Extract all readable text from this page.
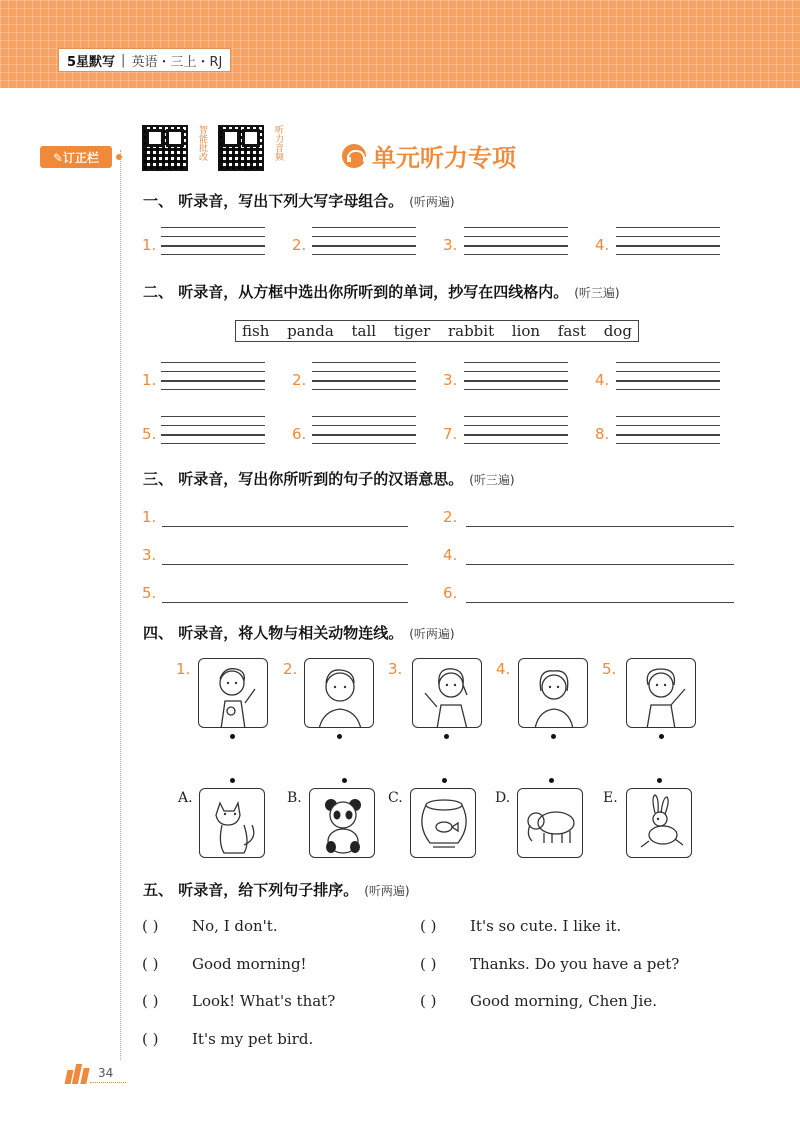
5星默写 | 英语・三上・RJ
✎订正栏	智能批改	听力音频	单元听力专项
一、 听录音，写出下列大写字母组合。 (听两遍)
1.	2.	3.	4.
二、 听录音，从方框中选出你所听到的单词，抄写在四线格内。 (听三遍)
fish panda tall tiger rabbit lion fast dog
1.	2.	3.	4.
5.	6.	7.	8.
三、 听录音，写出你所听到的句子的汉语意思。 (听三遍)
1.	2.
3.	4.
5.	6.
四、 听录音，将人物与相关动物连线。 (听两遍)
1.	2.	3.	4.	5.
A.	B.	C.	D.	E.
五、 听录音，给下列句子排序。 (听两遍)
( ) No, I don't.	( ) It's so cute. I like it.
( ) Good morning!	( ) Thanks. Do you have a pet?
( ) Look! What's that?	( ) Good morning, Chen Jie.
( ) It's my pet bird.
34
